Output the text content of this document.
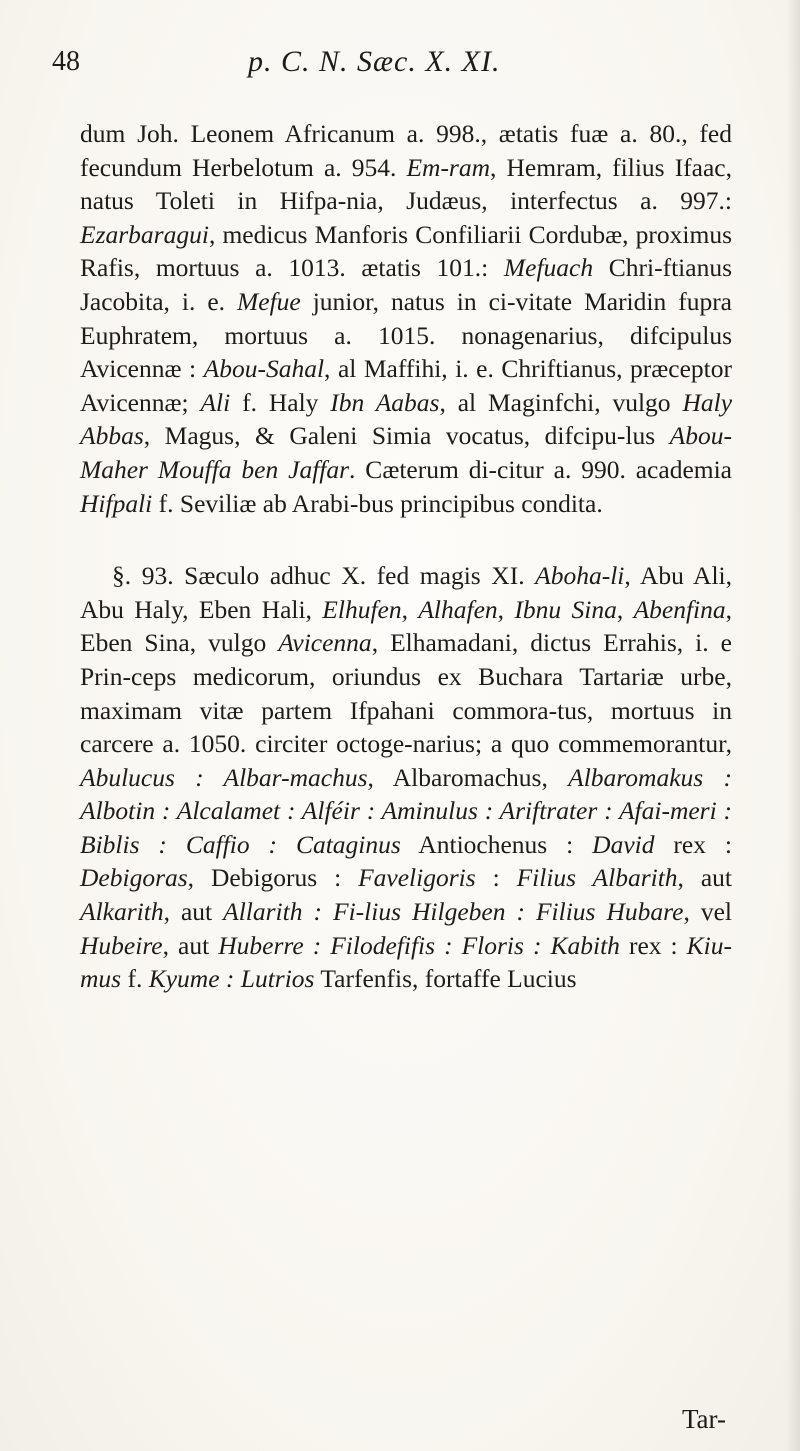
48	p. C. N. Sæc. X. XI.

dum Joh. Leonem Africanum a. 998., ætatis fuæ a. 80., fed fecundum Herbelotum a. 954. Em-ram, Hemram, filius Ifaac, natus Toleti in Hifpa-nia, Judæus, interfectus a. 997.: Ezarbaragui, medicus Manforis Confiliarii Cordubæ, proximus Rafis, mortuus a. 1013. ætatis 101.: Mefuach Chri-ftianus Jacobita, i. e. Mefue junior, natus in ci-vitate Maridin fupra Euphratem, mortuus a. 1015. nonagenarius, difcipulus Avicennæ : Abou-Sahal, al Maffihi, i. e. Chriftianus, præceptor Avicennæ; Ali f. Haly Ibn Aabas, al Maginfchi, vulgo Haly Abbas, Magus, & Galeni Simia vocatus, difcipu-lus Abou-Maher Mouffa ben Jaffar. Cæterum di-citur a. 990. academia Hifpali f. Seviliæ ab Arabi-bus principibus condita.

§. 93. Sæculo adhuc X. fed magis XI. Aboha-li, Abu Ali, Abu Haly, Eben Hali, Elhufen, Alhafen, Ibnu Sina, Abenfina, Eben Sina, vulgo Avicenna, Elhamadani, dictus Errahis, i. e Prin-ceps medicorum, oriundus ex Buchara Tartariæ urbe, maximam vitæ partem Ifpahani commora-tus, mortuus in carcere a. 1050. circiter octoge-narius; a quo commemorantur, Abulucus : Albar-machus, Albaromachus, Albaromakus : Albotin : Alcalamet : Alféir : Aminulus : Ariftrater : Afai-meri : Biblis : Caffio : Cataginus Antiochenus : David rex : Debigoras, Debigorus : Faveligoris : Filius Albarith, aut Alkarith, aut Allarith : Fi-lius Hilgeben : Filius Hubare, vel Hubeire, aut Huberre : Filodefifis : Floris : Kabith rex : Kiu-mus f. Kyume : Lutrios Tarfenfis, fortaffe Lucius

Tar-
